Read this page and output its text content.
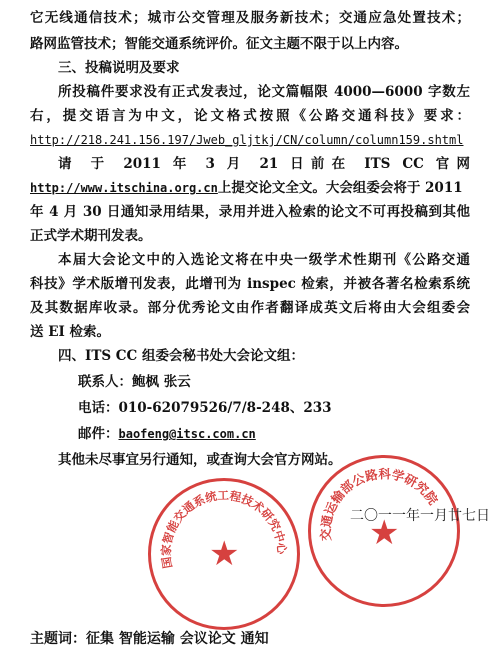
它无线通信技术；城市公交管理及服务新技术；交通应急处置技术；
路网监管技术；智能交通系统评价。征文主题不限于以上内容。
三、投稿说明及要求
所投稿件要求没有正式发表过，论文篇幅限 4000—6000 字数左
右，提交语言为中文，论文格式按照《公路交通科技》要求：
http://218.241.156.197/Jweb_gljtkj/CN/column/column159.shtml
请 于 2011 年 3 月 21 日前在 ITS CC 官网
http://www.itschina.org.cn上提交论文全文。大会组委会将于 2011
年 4 月 30 日通知录用结果，录用并进入检索的论文不可再投稿到其他
正式学术期刊发表。
本届大会论文中的入选论文将在中央一级学术性期刊《公路交通
科技》学术版增刊发表，此增刊为 inspec 检索，并被各著名检索系统
及其数据库收录。部分优秀论文由作者翻译成英文后将由大会组委会
送 EI 检索。
四、ITS CC 组委会秘书处大会论文组：
联系人：鲍枫 张云
电话：010-62079526/7/8-248、233
邮件：baofeng@itsc.com.cn
其他未尽事宜另行通知，或查询大会官方网站。
国家智能交通系统工程技术研究中心
★	交通运输部公路科学研究院
★
二〇一一年一月廿七日
主题词：征集 智能运输 会议论文 通知
